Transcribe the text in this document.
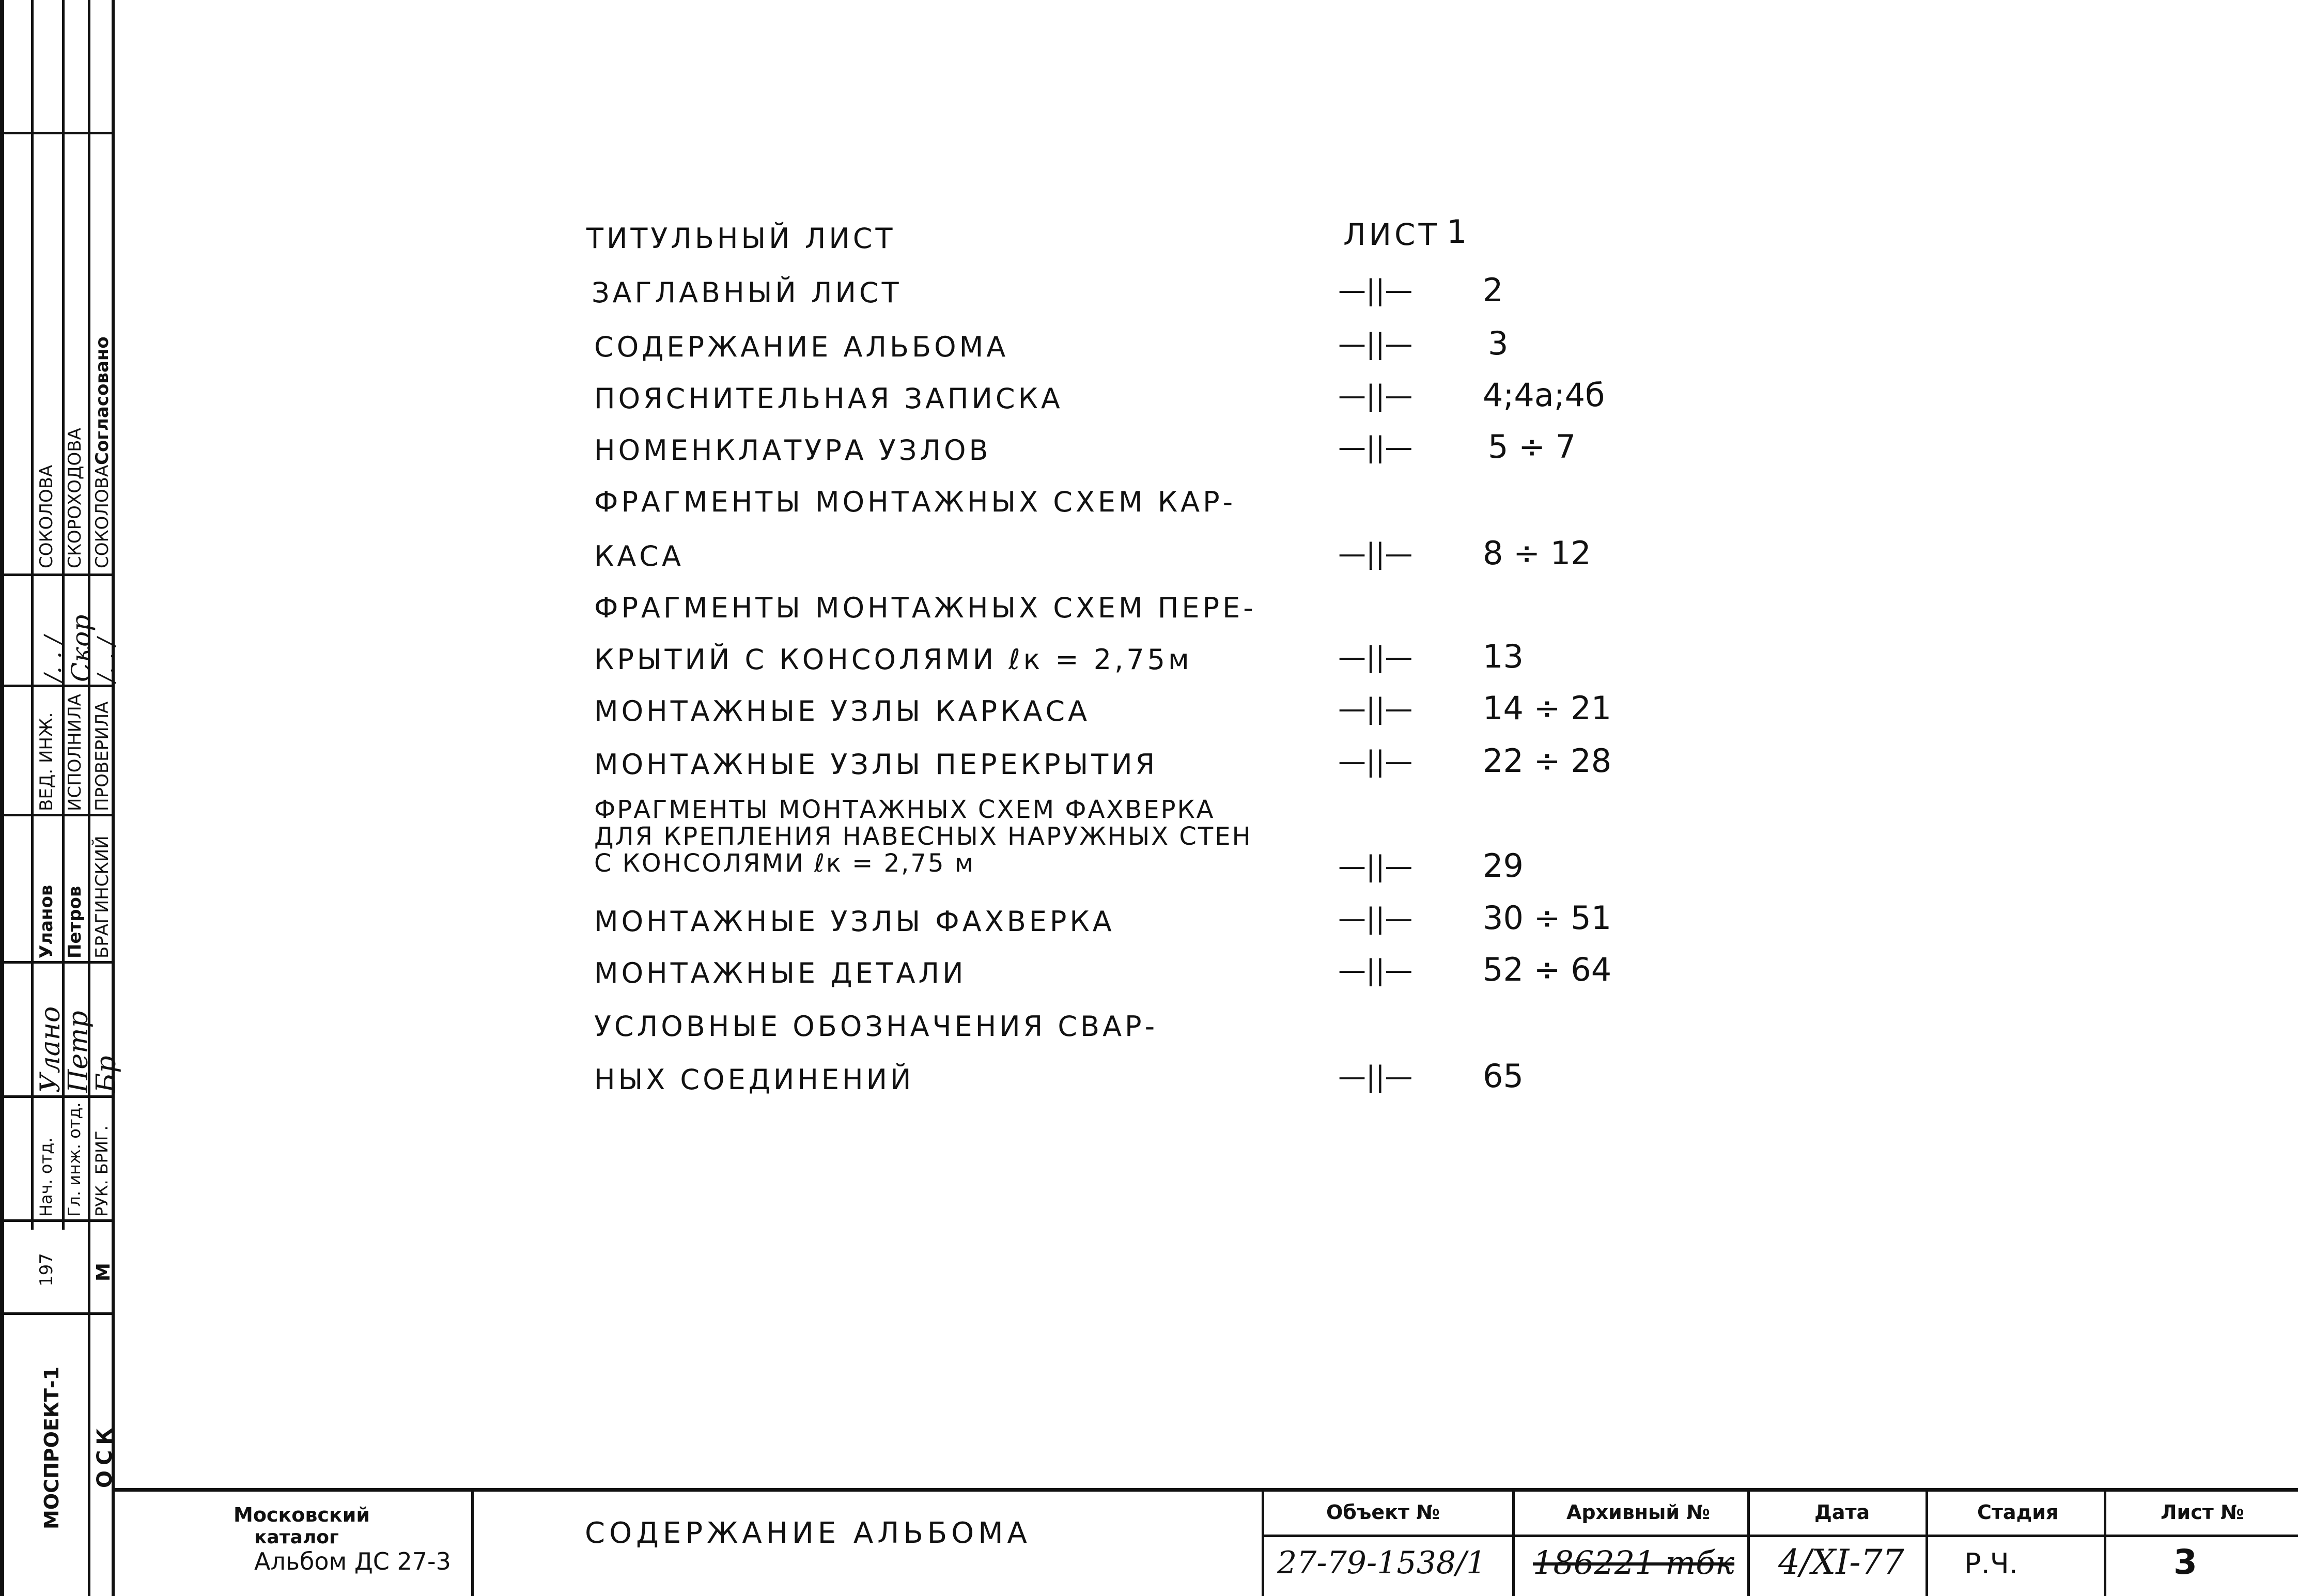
Согласовано
СОКОЛОВА СКОРОХОДОВА СОКОЛОВА
/. . / Скор
/. . /
ВЕД. ИНЖ. ИСПОЛНИЛА ПРОВЕРИЛА
Уланов Петров БРАГИНСКИЙ
Улано
Петр
Бр
Нач. отд. Гл. инж. отд. РУК. БРИГ.
197 М
МОСПРОЕКТ-1 ОСК
ТИТУЛЬНЫЙ ЛИСТ	ЛИСТ 1
ЗАГЛАВНЫЙ ЛИСТ	—||— 2
СОДЕРЖАНИЕ АЛЬБОМА	—||— 3
ПОЯСНИТЕЛЬНАЯ ЗАПИСКА	—||— 4;4а;4б
НОМЕНКЛАТУРА УЗЛОВ	—||— 5 ÷ 7
ФРАГМЕНТЫ МОНТАЖНЫХ СХЕМ КАР-
КАСА	—||— 8 ÷ 12
ФРАГМЕНТЫ МОНТАЖНЫХ СХЕМ ПЕРЕ-
КРЫТИЙ С КОНСОЛЯМИ ℓк = 2,75м	—||— 13
МОНТАЖНЫЕ УЗЛЫ КАРКАСА	—||— 14 ÷ 21
МОНТАЖНЫЕ УЗЛЫ ПЕРЕКРЫТИЯ	—||— 22 ÷ 28
ФРАГМЕНТЫ МОНТАЖНЫХ СХЕМ ФАХВЕРКА
ДЛЯ КРЕПЛЕНИЯ НАВЕСНЫХ НАРУЖНЫХ СТЕН
С КОНСОЛЯМИ ℓк = 2,75 м	—||— 29
МОНТАЖНЫЕ УЗЛЫ ФАХВЕРКА	—||— 30 ÷ 51
МОНТАЖНЫЕ ДЕТАЛИ	—||— 52 ÷ 64
УСЛОВНЫЕ ОБОЗНАЧЕНИЯ СВАР-
НЫХ СОЕДИНЕНИЙ	—||— 65
Московский
каталог
Альбом ДС 27-3
СОДЕРЖАНИЕ АЛЬБОМА
Объект №
27-79-1538/1
Архивный №
186221 mбк
Дата
4/XI-77
Стадия
Р.Ч.
Лист №
3
